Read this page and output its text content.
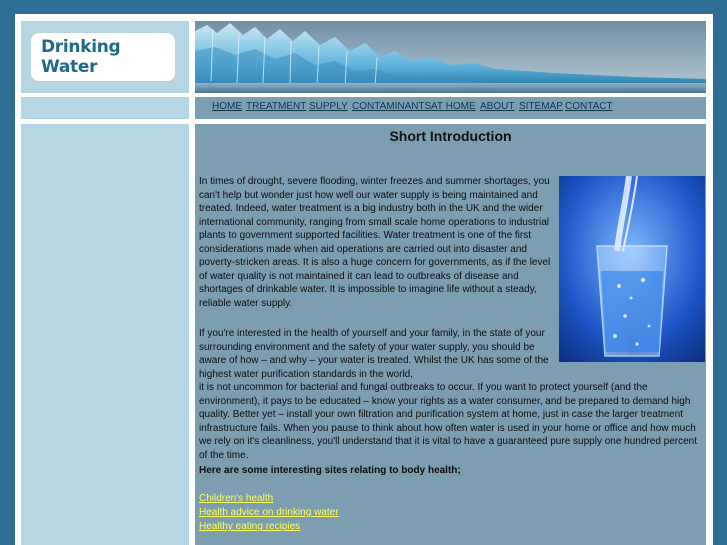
Drinking
Water
HOME TREATMENT SUPPLY CONTAMINANTS AT HOME ABOUT SITEMAP CONTACT
Short Introduction

In times of drought, severe flooding, winter freezes and summer shortages, you can't help but wonder just how well our water supply is being maintained and treated. Indeed, water treatment is a big industry both in the UK and the wider international community, ranging from small scale home operations to industrial plants to government supported facilities. Water treatment is one of the first considerations made when aid operations are carried out into disaster and poverty-stricken areas. It is also a huge concern for governments, as if the level of water quality is not maintained it can lead to outbreaks of disease and shortages of drinkable water. It is impossible to imagine life without a steady, reliable water supply.

If you're interested in the health of yourself and your family, in the state of your surrounding environment and the safety of your water supply, you should be aware of how – and why – your water is treated. Whilst the UK has some of the highest water purification standards in the world,
it is not uncommon for bacterial and fungal outbreaks to occur. If you want to protect yourself (and the environment), it pays to be educated – know your rights as a water consumer, and be prepared to demand high quality. Better yet – install your own filtration and purification system at home, just in case the larger treatment infrastructure fails. When you pause to think about how often water is used in your home or office and how much we rely on it's cleanliness, you'll understand that it is vital to have a guaranteed pure supply one hundred percent of the time.

Here are some interesting sites relating to body health;
Children's health
Health advice on drinking water
Healthy eating recipies
